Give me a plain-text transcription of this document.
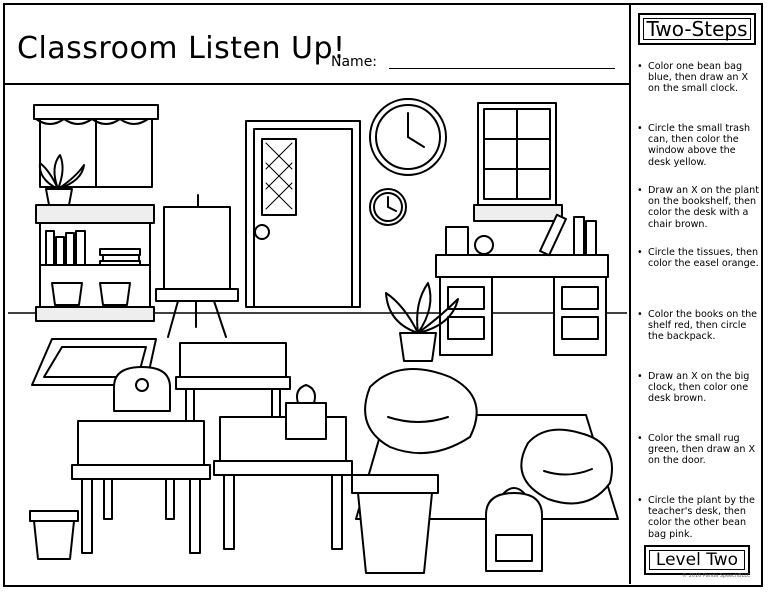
Classroom Listen Up!
Name:
Two-Steps
• Color one bean bag blue, then draw an X on the small clock.
• Circle the small trash can, then color the window above the desk yellow.
• Draw an X on the plant on the bookshelf, then color the desk with a chair brown.
• Circle the tissues, then color the easel orange.
• Color the books on the shelf red, then circle the backpack.
• Draw an X on the big clock, then color one desk brown.
• Color the small rug green, then draw an X on the door.
• Circle the plant by the teacher's desk, then color the other bean bag pink.
Level Two
© 2016 Panda SpeechBLLC
